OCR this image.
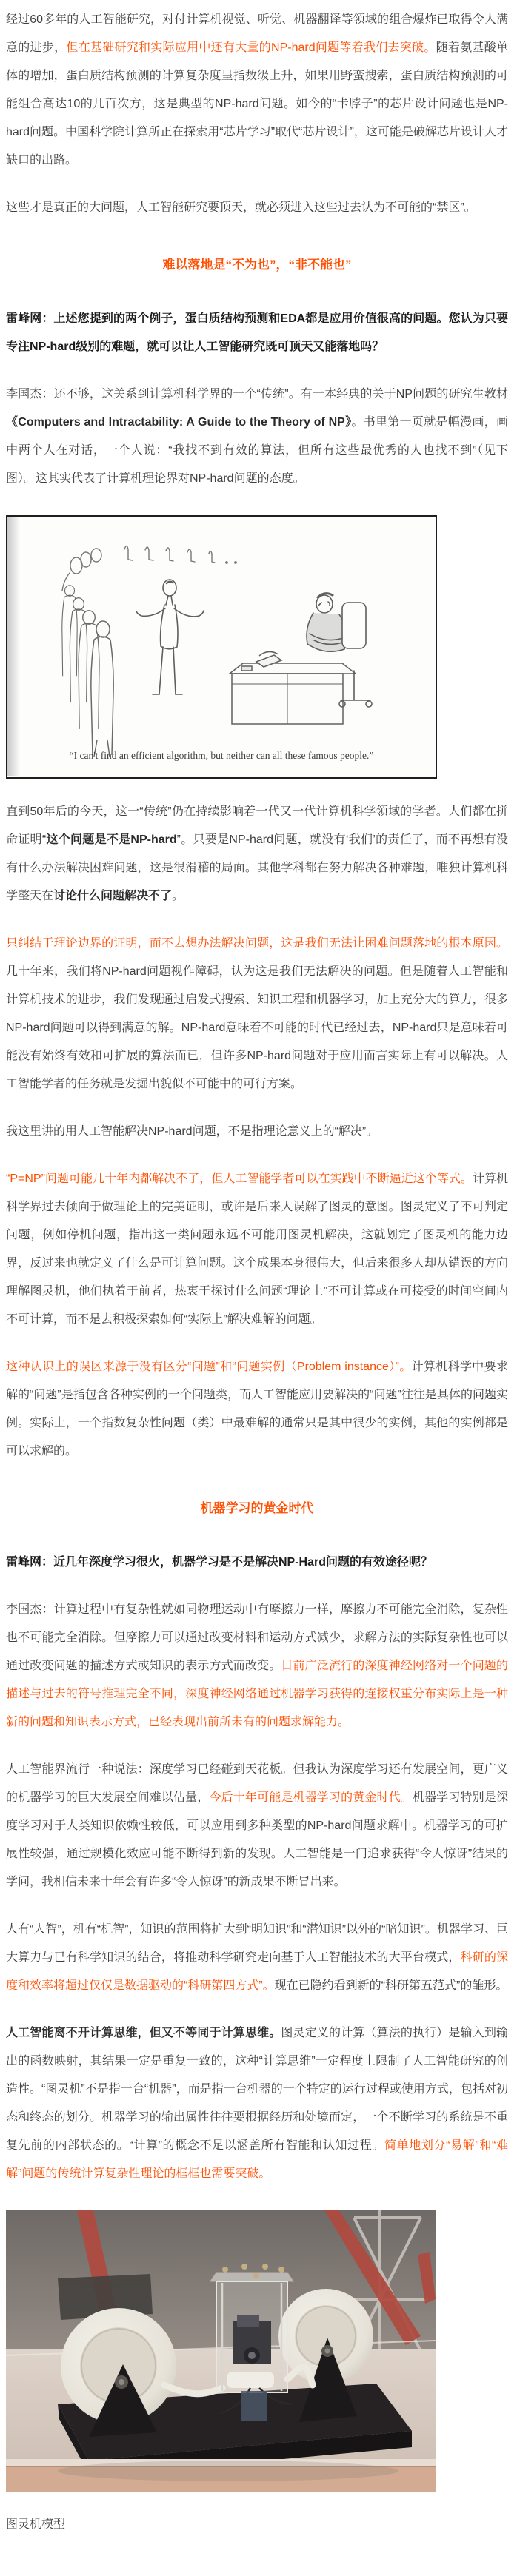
经过60多年的人工智能研究，对付计算机视觉、听觉、机器翻译等领域的组合爆炸已取得令人满意的进步，但在基础研究和实际应用中还有大量的NP-hard问题等着我们去突破。随着氨基酸单体的增加，蛋白质结构预测的计算复杂度呈指数级上升，如果用野蛮搜索，蛋白质结构预测的可能组合高达10的几百次方，这是典型的NP-hard问题。如今的“卡脖子”的芯片设计问题也是NP-hard问题。中国科学院计算所正在探索用“芯片学习”取代“芯片设计”，这可能是破解芯片设计人才缺口的出路。

这些才是真正的大问题，人工智能研究要顶天，就必须进入这些过去认为不可能的“禁区”。

难以落地是“不为也”，“非不能也”

雷峰网：上述您提到的两个例子，蛋白质结构预测和EDA都是应用价值很高的问题。您认为只要专注NP-hard级别的难题，就可以让人工智能研究既可顶天又能落地吗？

李国杰：还不够，这关系到计算机科学界的一个“传统”。有一本经典的关于NP问题的研究生教材《Computers and Intractability: A Guide to the Theory of NP》。书里第一页就是幅漫画，画中两个人在对话，一个人说：“我找不到有效的算法，但所有这些最优秀的人也找不到”（见下图）。这其实代表了计算机理论界对NP-hard问题的态度。

“I can't find an efficient algorithm, but neither can all these famous people.”

直到50年后的今天，这一“传统”仍在持续影响着一代又一代计算机科学领域的学者。人们都在拼命证明“这个问题是不是NP-hard”。只要是NP-hard问题，就没有‘我们’的责任了，而不再想有没有什么办法解决困难问题，这是很滑稽的局面。其他学科都在努力解决各种难题，唯独计算机科学整天在讨论什么问题解决不了。

只纠结于理论边界的证明，而不去想办法解决问题，这是我们无法让困难问题落地的根本原因。几十年来，我们将NP-hard问题视作障碍，认为这是我们无法解决的问题。但是随着人工智能和计算机技术的进步，我们发现通过启发式搜索、知识工程和机器学习，加上充分大的算力，很多NP-hard问题可以得到满意的解。NP-hard意味着不可能的时代已经过去，NP-hard只是意味着可能没有始终有效和可扩展的算法而已，但许多NP-hard问题对于应用而言实际上有可以解决。人工智能学者的任务就是发掘出貌似不可能中的可行方案。

我这里讲的用人工智能解决NP-hard问题，不是指理论意义上的“解决”。

“P=NP”问题可能几十年内都解决不了，但人工智能学者可以在实践中不断逼近这个等式。计算机科学界过去倾向于做理论上的完美证明，或许是后来人误解了图灵的意图。图灵定义了不可判定问题，例如停机问题，指出这一类问题永远不可能用图灵机解决，这就划定了图灵机的能力边界，反过来也就定义了什么是可计算问题。这个成果本身很伟大，但后来很多人却从错误的方向理解图灵机，他们执着于前者，热衷于探讨什么问题“理论上”不可计算或在可接受的时间空间内不可计算，而不是去积极探索如何“实际上”解决难解的问题。

这种认识上的误区来源于没有区分“问题”和“问题实例（Problem instance）”。计算机科学中要求解的“问题”是指包含各种实例的一个问题类，而人工智能应用要解决的“问题”往往是具体的问题实例。实际上，一个指数复杂性问题（类）中最难解的通常只是其中很少的实例，其他的实例都是可以求解的。

机器学习的黄金时代

雷峰网：近几年深度学习很火，机器学习是不是解决NP-Hard问题的有效途径呢？

李国杰：计算过程中有复杂性就如同物理运动中有摩擦力一样，摩擦力不可能完全消除，复杂性也不可能完全消除。但摩擦力可以通过改变材料和运动方式减少，求解方法的实际复杂性也可以通过改变问题的描述方式或知识的表示方式而改变。目前广泛流行的深度神经网络对一个问题的描述与过去的符号推理完全不同，深度神经网络通过机器学习获得的连接权重分布实际上是一种新的问题和知识表示方式，已经表现出前所未有的问题求解能力。

人工智能界流行一种说法：深度学习已经碰到天花板。但我认为深度学习还有发展空间，更广义的机器学习的巨大发展空间难以估量，今后十年可能是机器学习的黄金时代。机器学习特别是深度学习对于人类知识依赖性较低，可以应用到多种类型的NP-hard问题求解中。机器学习的可扩展性较强，通过规模化效应可能不断得到新的发现。人工智能是一门追求获得“令人惊讶”结果的学问，我相信未来十年会有许多“令人惊讶”的新成果不断冒出来。

人有“人智”，机有“机智”，知识的范围将扩大到“明知识”和“潜知识”以外的“暗知识”。机器学习、巨大算力与已有科学知识的结合，将推动科学研究走向基于人工智能技术的大平台模式，科研的深度和效率将超过仅仅是数据驱动的“科研第四方式”。现在已隐约看到新的“科研第五范式”的雏形。

人工智能离不开计算思维，但又不等同于计算思维。图灵定义的计算（算法的执行）是输入到输出的函数映射，其结果一定是重复一致的，这种“计算思维”一定程度上限制了人工智能研究的创造性。“图灵机”不是指一台“机器”，而是指一台机器的一个特定的运行过程或使用方式，包括对初态和终态的划分。机器学习的输出属性往往要根据经历和处境而定，一个不断学习的系统是不重复先前的内部状态的。“计算”的概念不足以涵盖所有智能和认知过程。简单地划分“易解”和“难解”问题的传统计算复杂性理论的框框也需要突破。

图灵机模型
